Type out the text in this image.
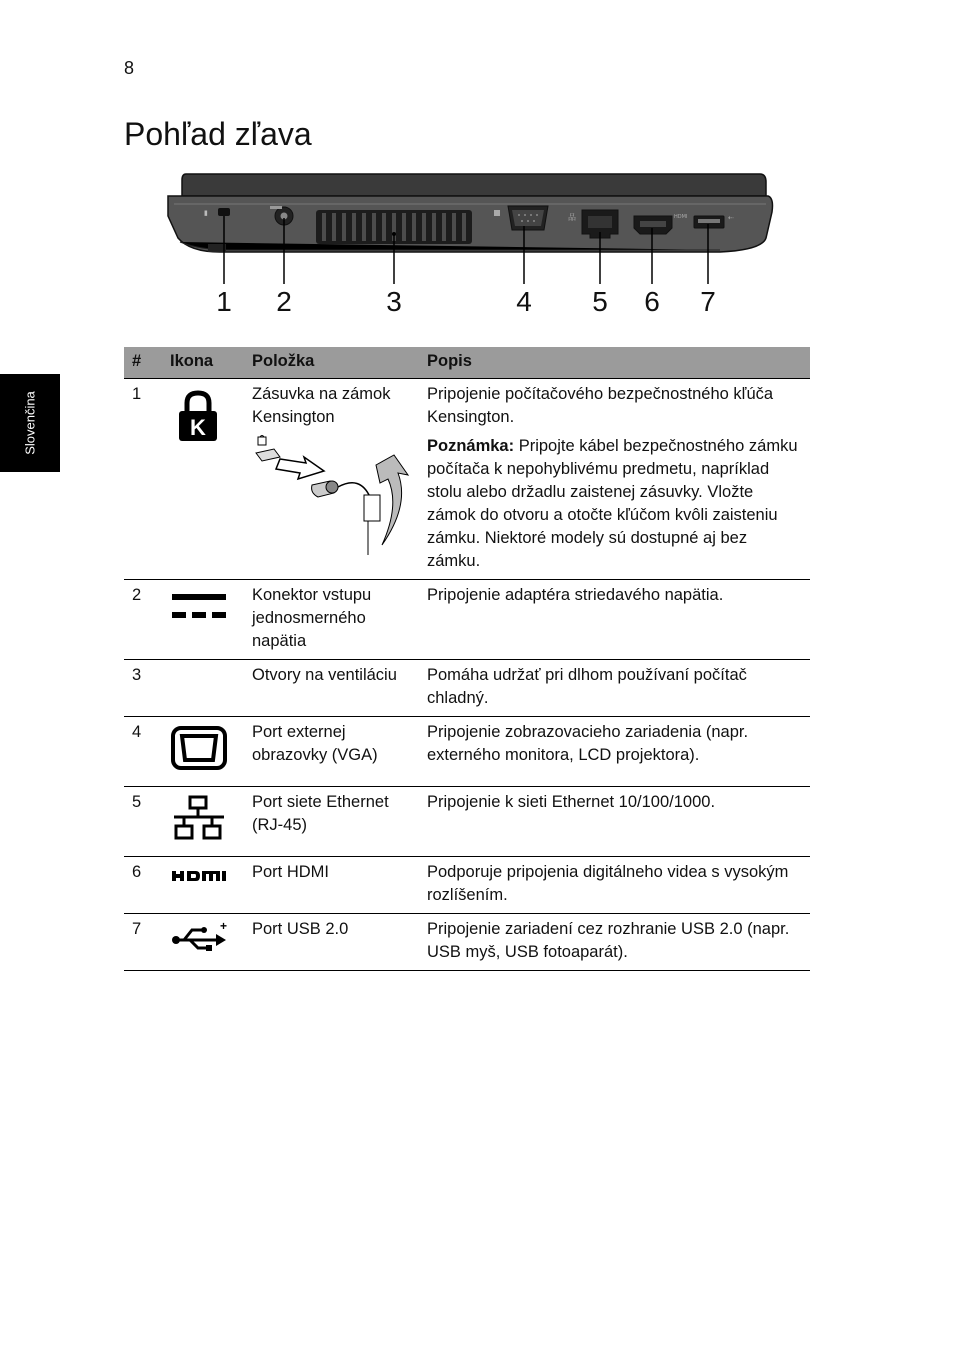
8
Pohľad zľava
Slovenčina
▮	品	HDMI	⇠
1 2	3	4 5 6 7
#	Ikona	Položka	Popis
1	K	Zásuvka na zámok Kensington	Pripojenie počítačového bezpečnostného kľúča Kensington.

Poznámka: Pripojte kábel bezpečnostného zámku počítača k nepohyblivému predmetu, napríklad stolu alebo držadlu zaistenej zásuvky. Vložte zámok do otvoru a otočte kľúčom kvôli zaisteniu zámku. Niektoré modely sú dostupné aj bez zámku.

2		Konektor vstupu jednosmerného napätia	Pripojenie adaptéra striedavého napätia.
3		Otvory na ventiláciu	Pomáha udržať pri dlhom používaní počítač chladný.
4		Port externej obrazovky (VGA)	Pripojenie zobrazovacieho zariadenia (napr. externého monitora, LCD projektora).
5		Port siete Ethernet (RJ-45)	Pripojenie k sieti Ethernet 10/100/1000.
6		Port HDMI	Podporuje pripojenia digitálneho videa s vysokým rozlíšením.
7	+	Port USB 2.0	Pripojenie zariadení cez rozhranie USB 2.0 (napr. USB myš, USB fotoaparát).
